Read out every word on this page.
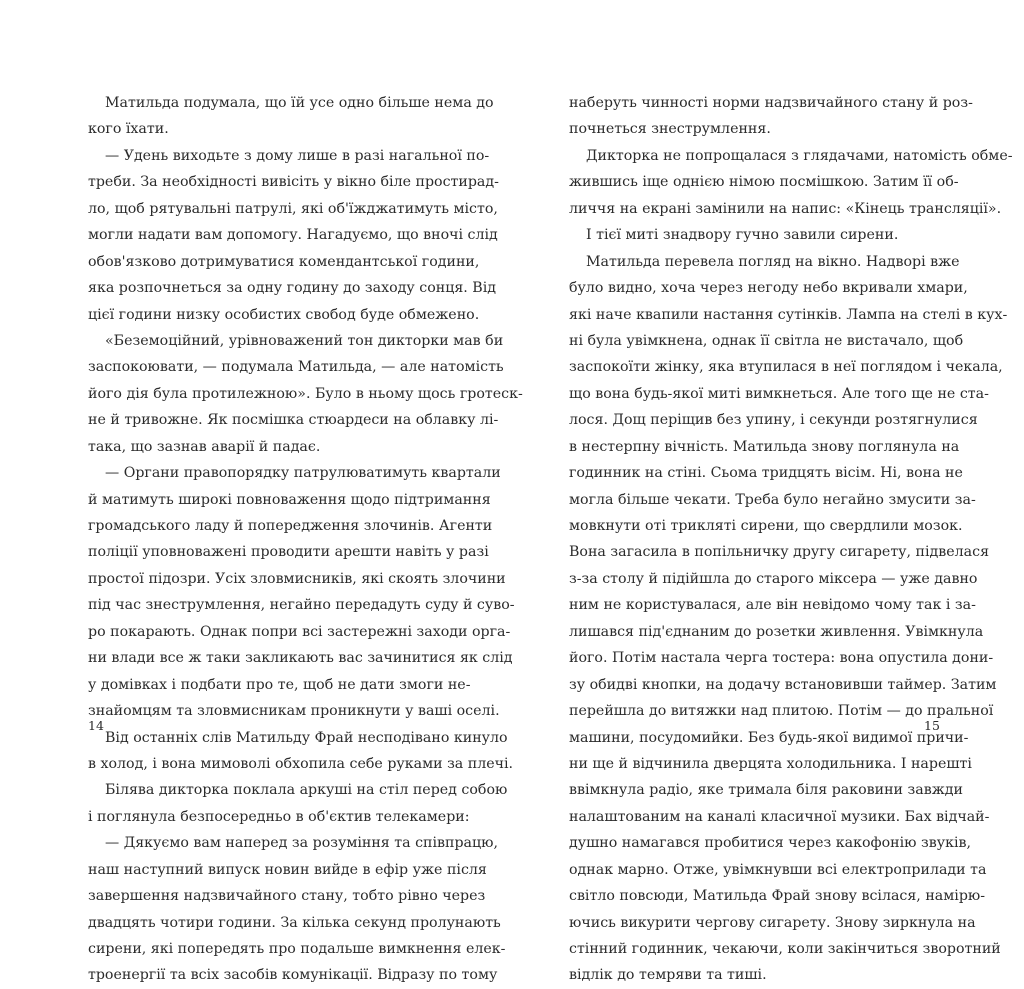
Матильда подумала, що їй усе одно більше нема до
кого їхати.
— Удень виходьте з дому лише в разі нагальної по-
треби. За необхідності вивісіть у вікно біле простирад-
ло, щоб рятувальні патрулі, які об'їжджатимуть місто,
могли надати вам допомогу. Нагадуємо, що вночі слід
обов'язково дотримуватися комендантської години,
яка розпочнеться за одну годину до заходу сонця. Від
цієї години низку особистих свобод буде обмежено.
«Беземоційний, урівноважений тон дикторки мав би
заспокоювати, — подумала Матильда, — але натомість
його дія була протилежною». Було в ньому щось гротеск-
не й тривожне. Як посмішка стюардеси на облавку лі-
така, що зазнав аварії й падає.
— Органи правопорядку патрулюватимуть квартали
й матимуть широкі повноваження щодо підтримання
громадського ладу й попередження злочинів. Агенти
поліції уповноважені проводити арешти навіть у разі
простої підозри. Усіх зловмисників, які скоять злочини
під час знеструмлення, негайно передадуть суду й суво-
ро покарають. Однак попри всі застережні заходи орга-
ни влади все ж таки закликають вас зачинитися як слід
у домівках і подбати про те, щоб не дати змоги не-
знайомцям та зловмисникам проникнути у ваші оселі.
Від останніх слів Матильду Фрай несподівано кинуло
в холод, і вона мимоволі обхопила себе руками за плечі.
Білява дикторка поклала аркуші на стіл перед собою
і поглянула безпосередньо в об'єктив телекамери:
— Дякуємо вам наперед за розуміння та співпрацю,
наш наступний випуск новин вийде в ефір уже після
завершення надзвичайного стану, тобто рівно через
двадцять чотири години. За кілька секунд пролунають
сирени, які попередять про подальше вимкнення елек-
троенергії та всіх засобів комунікації. Відразу по тому
14
наберуть чинності норми надзвичайного стану й роз-
почнеться знеструмлення.
Дикторка не попрощалася з глядачами, натомість обме-
жившись іще однією німою посмішкою. Затим її об-
личчя на екрані замінили на напис: «Кінець трансляції».
І тієї миті знадвору гучно завили сирени.
Матильда перевела погляд на вікно. Надворі вже
було видно, хоча через негоду небо вкривали хмари,
які наче квапили настання сутінків. Лампа на стелі в кух-
ні була увімкнена, однак її світла не вистачало, щоб
заспокоїти жінку, яка втупилася в неї поглядом і чекала,
що вона будь-якої миті вимкнеться. Але того ще не ста-
лося. Дощ періщив без упину, і секунди розтягнулися
в нестерпну вічність. Матильда знову поглянула на
годинник на стіні. Сьома тридцять вісім. Ні, вона не
могла більше чекати. Треба було негайно змусити за-
мовкнути оті триклятi сирени, що свердлили мозок.
Вона загасила в попільничку другу сигарету, підвелася
з-за столу й підійшла до старого міксера — уже давно
ним не користувалася, але він невідомо чому так і за-
лишався під'єднаним до розетки живлення. Увімкнула
його. Потім настала черга тостера: вона опустила дони-
зу обидві кнопки, на додачу встановивши таймер. Затим
перейшла до витяжки над плитою. Потім — до пральної
машини, посудомийки. Без будь-якої видимої причи-
ни ще й відчинила дверцята холодильника. І нарешті
ввімкнула радіо, яке тримала біля раковини завжди
налаштованим на каналі класичної музики. Бах відчай-
душно намагався пробитися через какофонію звуків,
однак марно. Отже, увімкнувши всі електроприлади та
світло повсюди, Матильда Фрай знову всілася, наміpю-
ючись викурити чергову сигарету. Знову зиркнула на
стінний годинник, чекаючи, коли закінчиться зворотний
відлік до темряви та тиші.
15
